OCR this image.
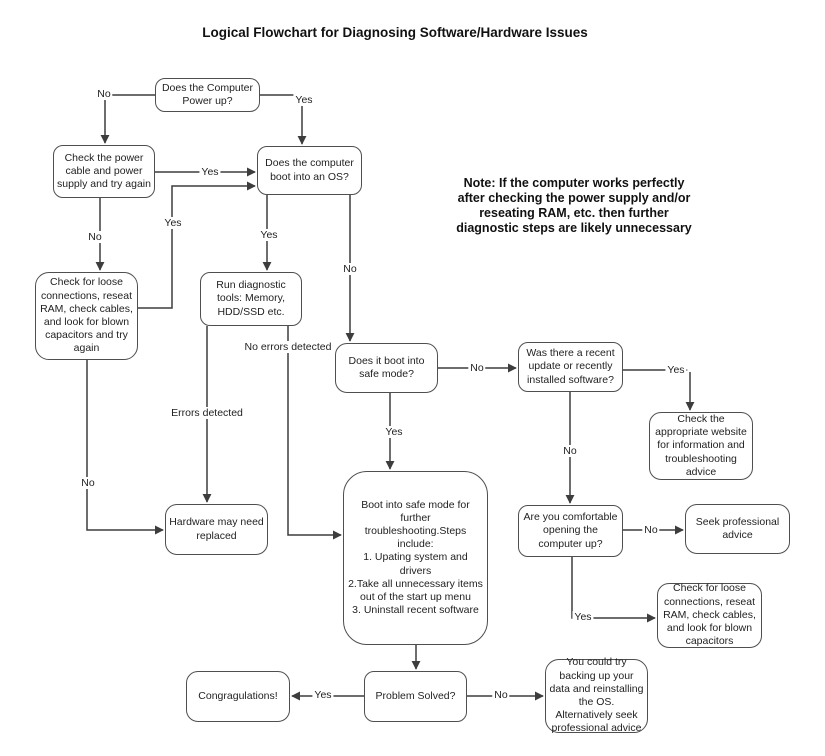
Logical Flowchart for Diagnosing Software/Hardware Issues
Note: If the computer works perfectly
after checking the power supply and/or
reseating RAM, etc. then further
diagnostic steps are likely unnecessary
No	Yes
Yes
Yes
No	Yes
No
No errors detected
Errors detected
No
No	Yes
Yes
No
No
Yes
Yes	No
Does the Computer Power up?
Check the power cable and power supply and try again
Does the computer boot into an OS?
Check for loose connections, reseat RAM, check cables, and look for blown capacitors and try again
Run diagnostic tools: Memory, HDD/SSD etc.
Does it boot into safe mode?
Was there a recent update or recently installed software?
Check the appropriate website for information and troubleshooting advice
Hardware may need replaced
Boot into safe mode for further
troubleshooting.Steps include:
1. Upating system and drivers
2.Take all unnecessary items
out of the start up menu
3. Uninstall recent software
Are you comfortable opening the computer up?
Seek professional advice
Check for loose connections, reseat RAM, check cables, and look for blown capacitors
Congragulations!	Problem Solved?
You could try backing up your data and reinstalling the OS. Alternatively seek professional advice
